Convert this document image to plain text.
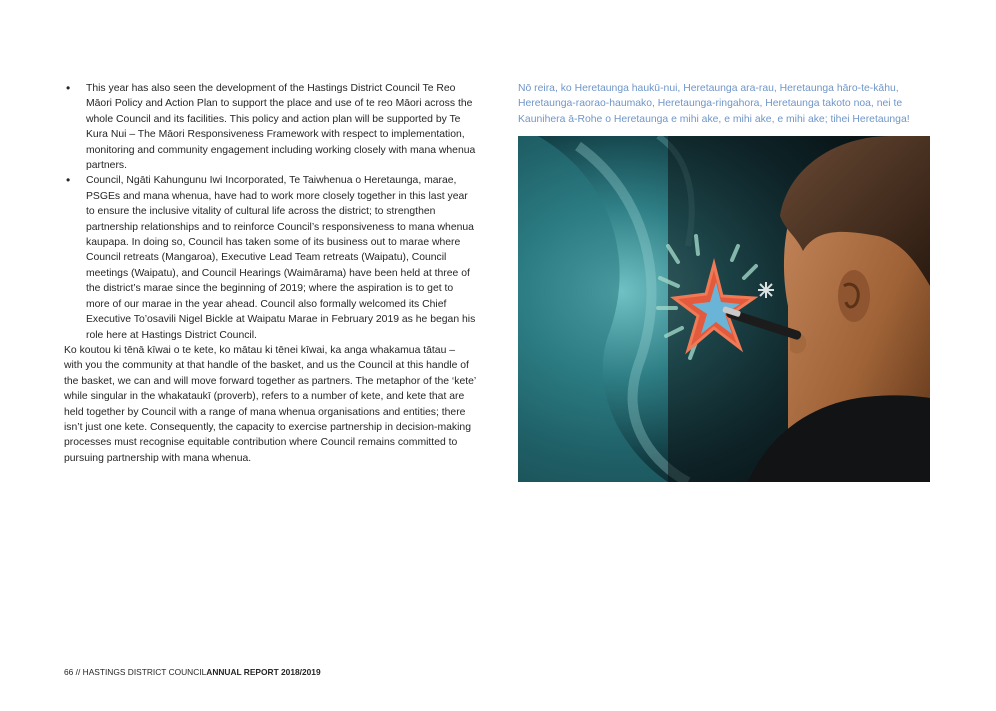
• This year has also seen the development of the Hastings District Council Te Reo Māori Policy and Action Plan to support the place and use of te reo Māori across the whole Council and its facilities. This policy and action plan will be supported by Te Kura Nui – The Māori Responsiveness Framework with respect to implementation, monitoring and community engagement including working closely with mana whenua partners.
• Council, Ngāti Kahungunu Iwi Incorporated, Te Taiwhenua o Heretaunga, marae, PSGEs and mana whenua, have had to work more closely together in this last year to ensure the inclusive vitality of cultural life across the district; to strengthen partnership relationships and to reinforce Council’s responsiveness to mana whenua kaupapa. In doing so, Council has taken some of its business out to marae where Council retreats (Mangaroa), Executive Lead Team retreats (Waipatu), Council meetings (Waipatu), and Council Hearings (Waimārama) have been held at three of the district’s marae since the beginning of 2019; where the aspiration is to get to more of our marae in the year ahead. Council also formally welcomed its Chief Executive To’osavili Nigel Bickle at Waipatu Marae in February 2019 as he began his role here at Hastings District Council.

Ko koutou ki tēnā kīwai o te kete, ko mātau ki tēnei kīwai, ka anga whakamua tātau – with you the community at that handle of the basket, and us the Council at this handle of the basket, we can and will move forward together as partners. The metaphor of the ‘kete’ while singular in the whakataukī (proverb), refers to a number of kete, and kete that are held together by Council with a range of mana whenua organisations and entities; there isn’t just one kete. Consequently, the capacity to exercise partnership in decision-making processes must recognise equitable contribution where Council remains committed to pursuing partnership with mana whenua.

Nō reira, ko Heretaunga haukū-nui, Heretaunga ara-rau, Heretaunga hāro-te-kāhu, Heretaunga-raorao-haumako, Heretaunga-ringahora, Heretaunga takoto noa, nei te Kaunihera ā-Rohe o Heretaunga e mihi ake, e mihi ake, e mihi ake; tihei Heretaunga!

66 // HASTINGS DISTRICT COUNCILANNUAL REPORT 2018/2019
